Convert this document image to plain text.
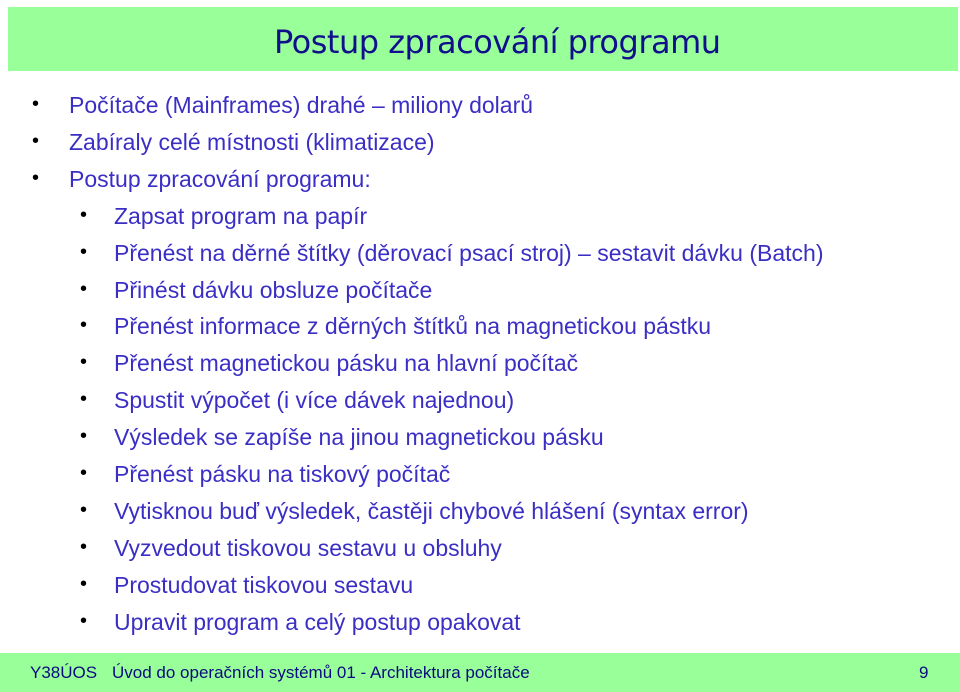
Postup zpracování programu
• Počítače (Mainframes) drahé – miliony dolarů
• Zabíraly celé místnosti (klimatizace)
• Postup zpracování programu:
• Zapsat program na papír
• Přenést na děrné štítky (děrovací psací stroj) – sestavit dávku (Batch)
• Přinést dávku obsluze počítače
• Přenést informace z děrných štítků na magnetickou pástku
• Přenést magnetickou pásku na hlavní počítač
• Spustit výpočet (i více dávek najednou)
• Výsledek se zapíše na jinou magnetickou pásku
• Přenést pásku na tiskový počítač
• Vytisknou buď výsledek, častěji chybové hlášení (syntax error)
• Vyzvedout tiskovou sestavu u obsluhy
• Prostudovat tiskovou sestavu
• Upravit program a celý postup opakovat
Y38ÚOS Úvod do operačních systémů 01 - Architektura počítače	9
